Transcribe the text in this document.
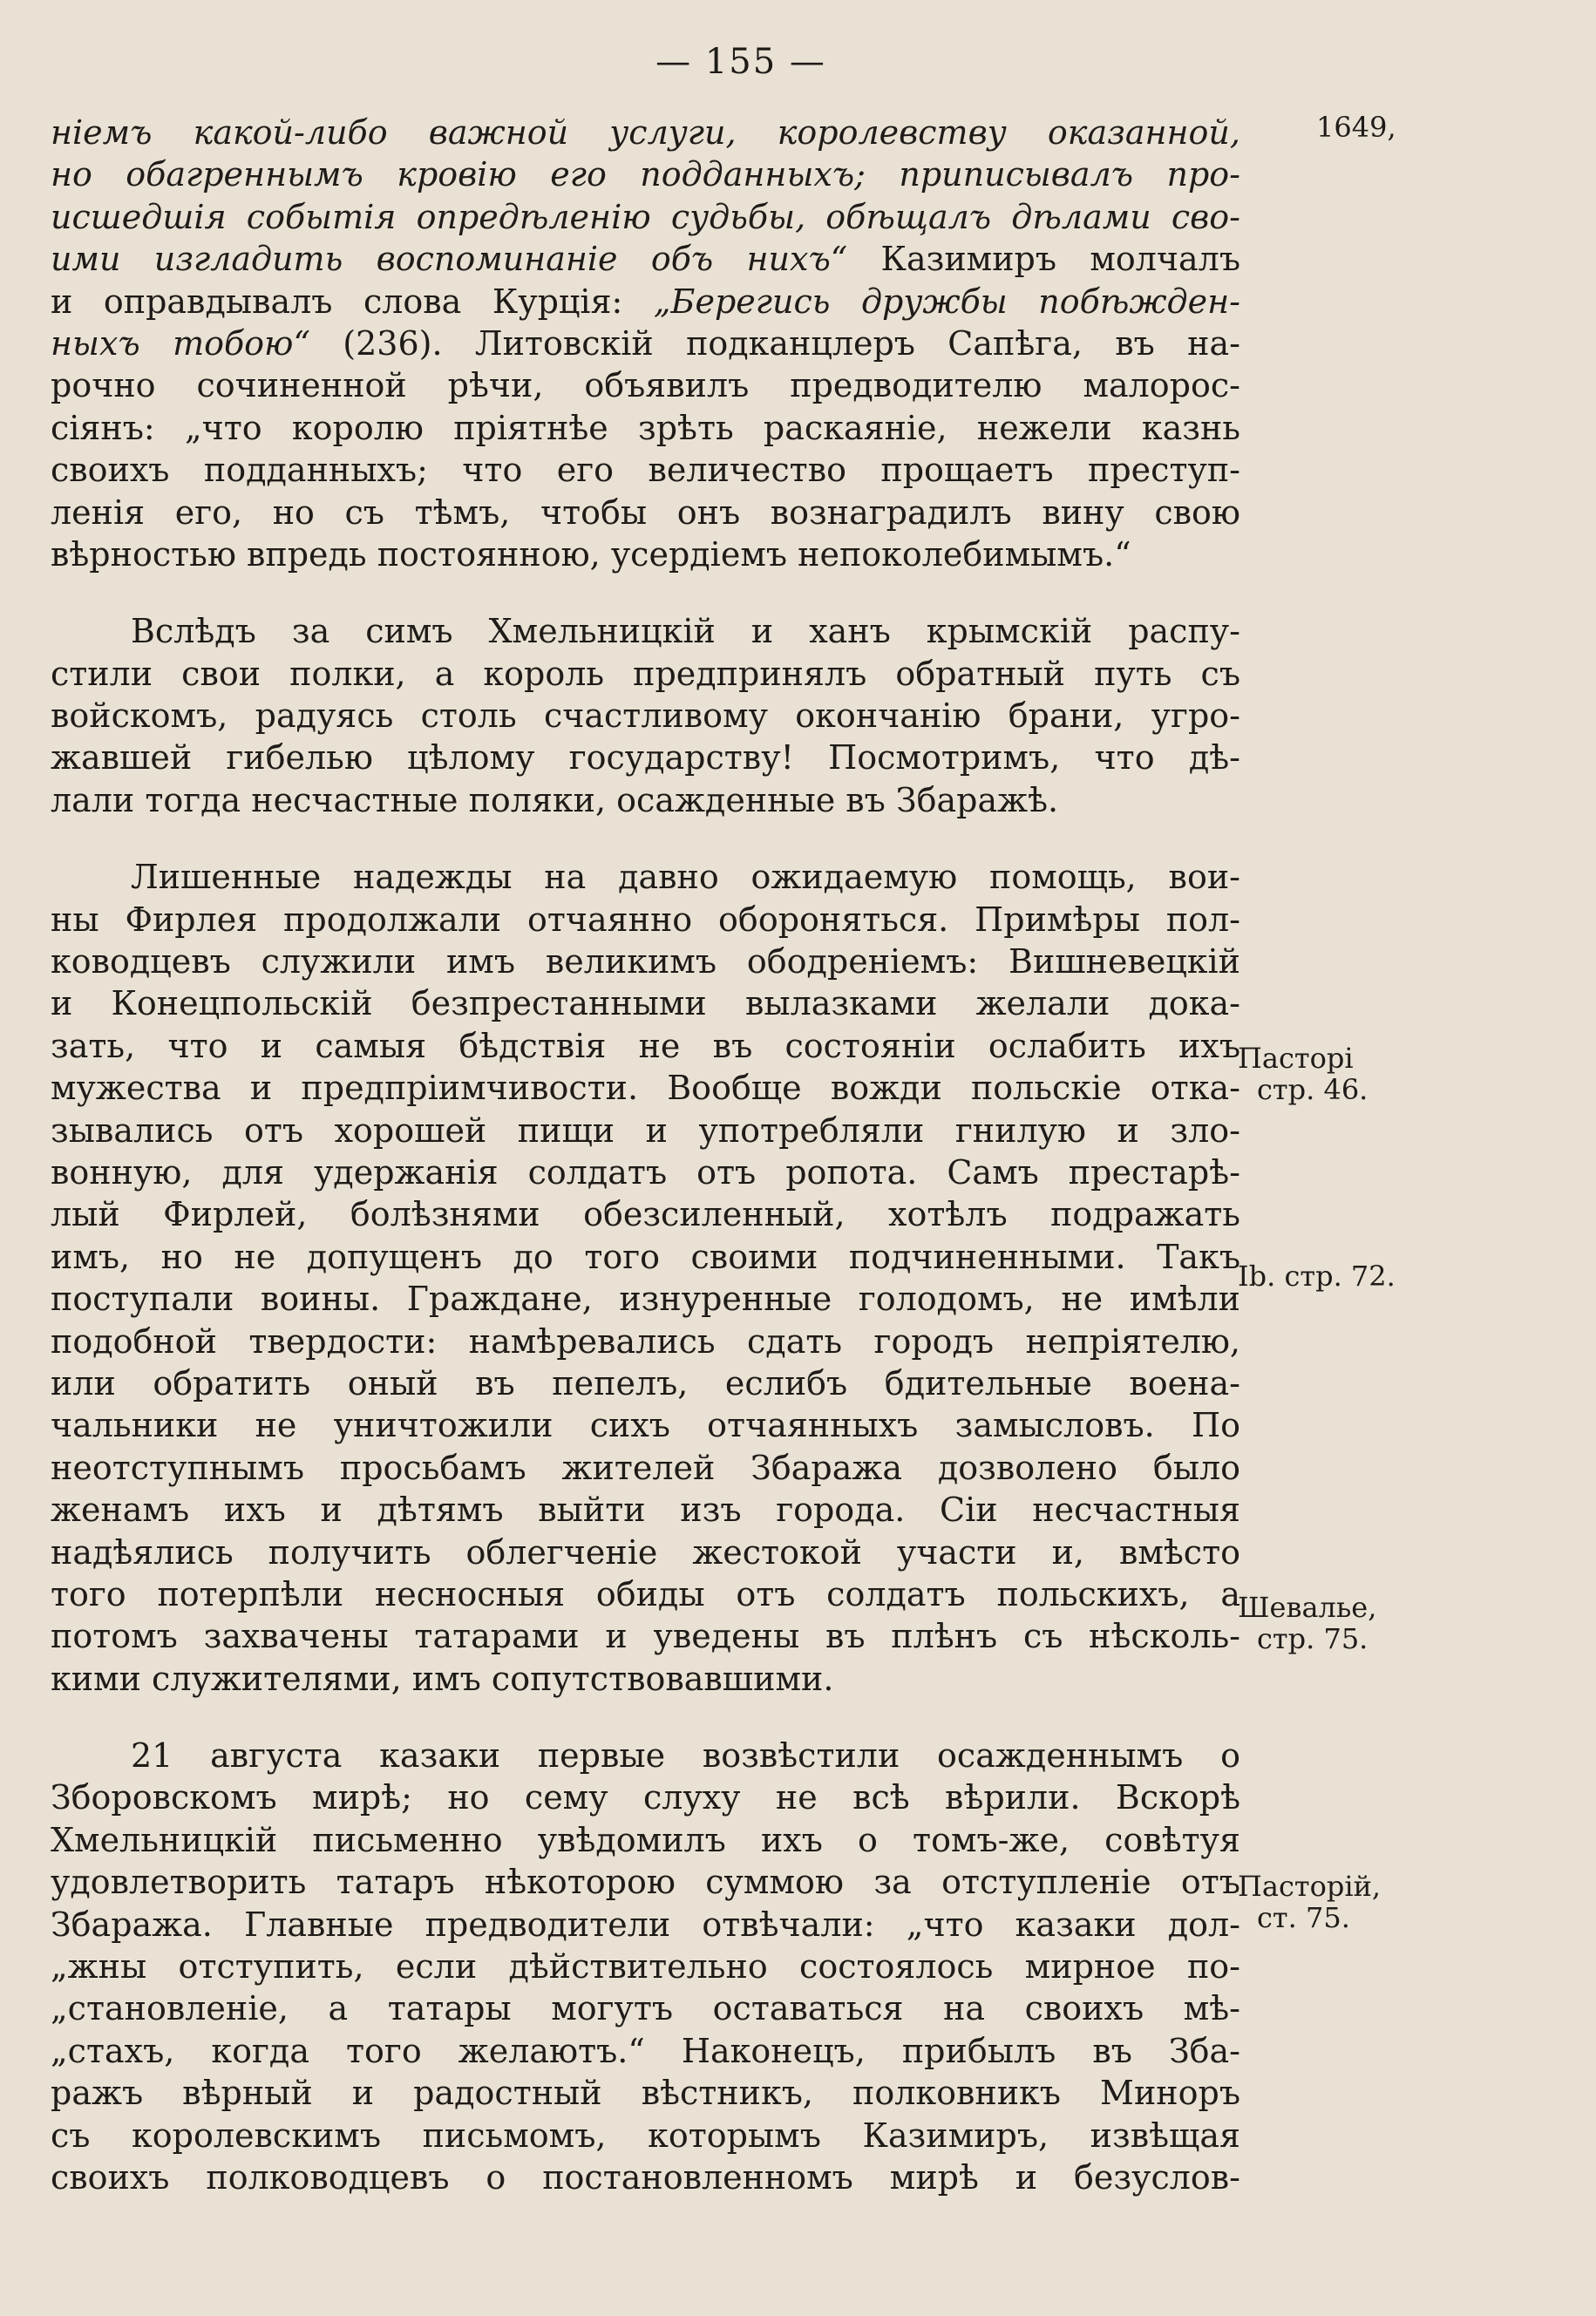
— 155 —
1649,
Пасторі
стр. 46.
Ib. стр. 72.
Шевалье,
стр. 75.
Пасторій,
ст. 75.
ніемъ какой-либо важной услуги, королевству оказанной,
но обагреннымъ кровію его подданныхъ; приписывалъ про-
исшедшія событія опредѣленію судьбы, обѣщалъ дѣлами сво-
ими изгладить воспоминаніе объ нихъ“ Казимиръ молчалъ
и оправдывалъ слова Курція: „Берегись дружбы побѣжден-
ныхъ тобою“ (236). Литовскій подканцлеръ Сапѣга, въ на-
рочно сочиненной рѣчи, объявилъ предводителю малорос-
сіянъ: „что королю пріятнѣе зрѣть раскаяніе, нежели казнь
своихъ подданныхъ; что его величество прощаетъ преступ-
ленія его, но съ тѣмъ, чтобы онъ вознаградилъ вину свою
вѣрностью впредь постоянною, усердіемъ непоколебимымъ.“
Вслѣдъ за симъ Хмельницкій и ханъ крымскій распу-
стили свои полки, а король предпринялъ обратный путь съ
войскомъ, радуясь столь счастливому окончанію брани, угро-
жавшей гибелью цѣлому государству! Посмотримъ, что дѣ-
лали тогда несчастные поляки, осажденные въ Збаражѣ.
Лишенные надежды на давно ожидаемую помощь, вои-
ны Фирлея продолжали отчаянно обороняться. Примѣры пол-
ководцевъ служили имъ великимъ ободреніемъ: Вишневецкій
и Конецпольскій безпрестанными вылазками желали дока-
зать, что и самыя бѣдствія не въ состояніи ослабить ихъ
мужества и предпріимчивости. Вообще вожди польскіе отка-
зывались отъ хорошей пищи и употребляли гнилую и зло-
вонную, для удержанія солдатъ отъ ропота. Самъ престарѣ-
лый Фирлей, болѣзнями обезсиленный, хотѣлъ подражать
имъ, но не допущенъ до того своими подчиненными. Такъ
поступали воины. Граждане, изнуренные голодомъ, не имѣли
подобной твердости: намѣревались сдать городъ непріятелю,
или обратить оный въ пепелъ, еслибъ бдительные военa-
чальники не уничтожили сихъ отчаянныхъ замысловъ. По
неотступнымъ просьбамъ жителей Збаража дозволено было
женамъ ихъ и дѣтямъ выйти изъ города. Сіи несчастныя
надѣялись получить облегченіе жестокой участи и, вмѣсто
того потерпѣли несносныя обиды отъ солдатъ польскихъ, а
потомъ захвачены татарами и уведены въ плѣнъ съ нѣсколь-
кими служителями, имъ сопутствовавшими.
21 августа казаки первые возвѣстили осажденнымъ о
Зборовскомъ мирѣ; но сему слуху не всѣ вѣрили. Вскорѣ
Хмельницкій письменно увѣдомилъ ихъ о томъ-же, совѣтуя
удовлетворить татаръ нѣкоторою суммою за отступленіе отъ
Збаража. Главные предводители отвѣчали: „что казаки дол-
„жны отступить, если дѣйствительно состоялось мирное по-
„становленіе, а татары могутъ оставаться на своихъ мѣ-
„стахъ, когда того желаютъ.“ Наконецъ, прибылъ въ Зба-
ражъ вѣрный и радостный вѣстникъ, полковникъ Миноръ
съ королевскимъ письмомъ, которымъ Казимиръ, извѣщая
своихъ полководцевъ о постановленномъ мирѣ и безуслов-
